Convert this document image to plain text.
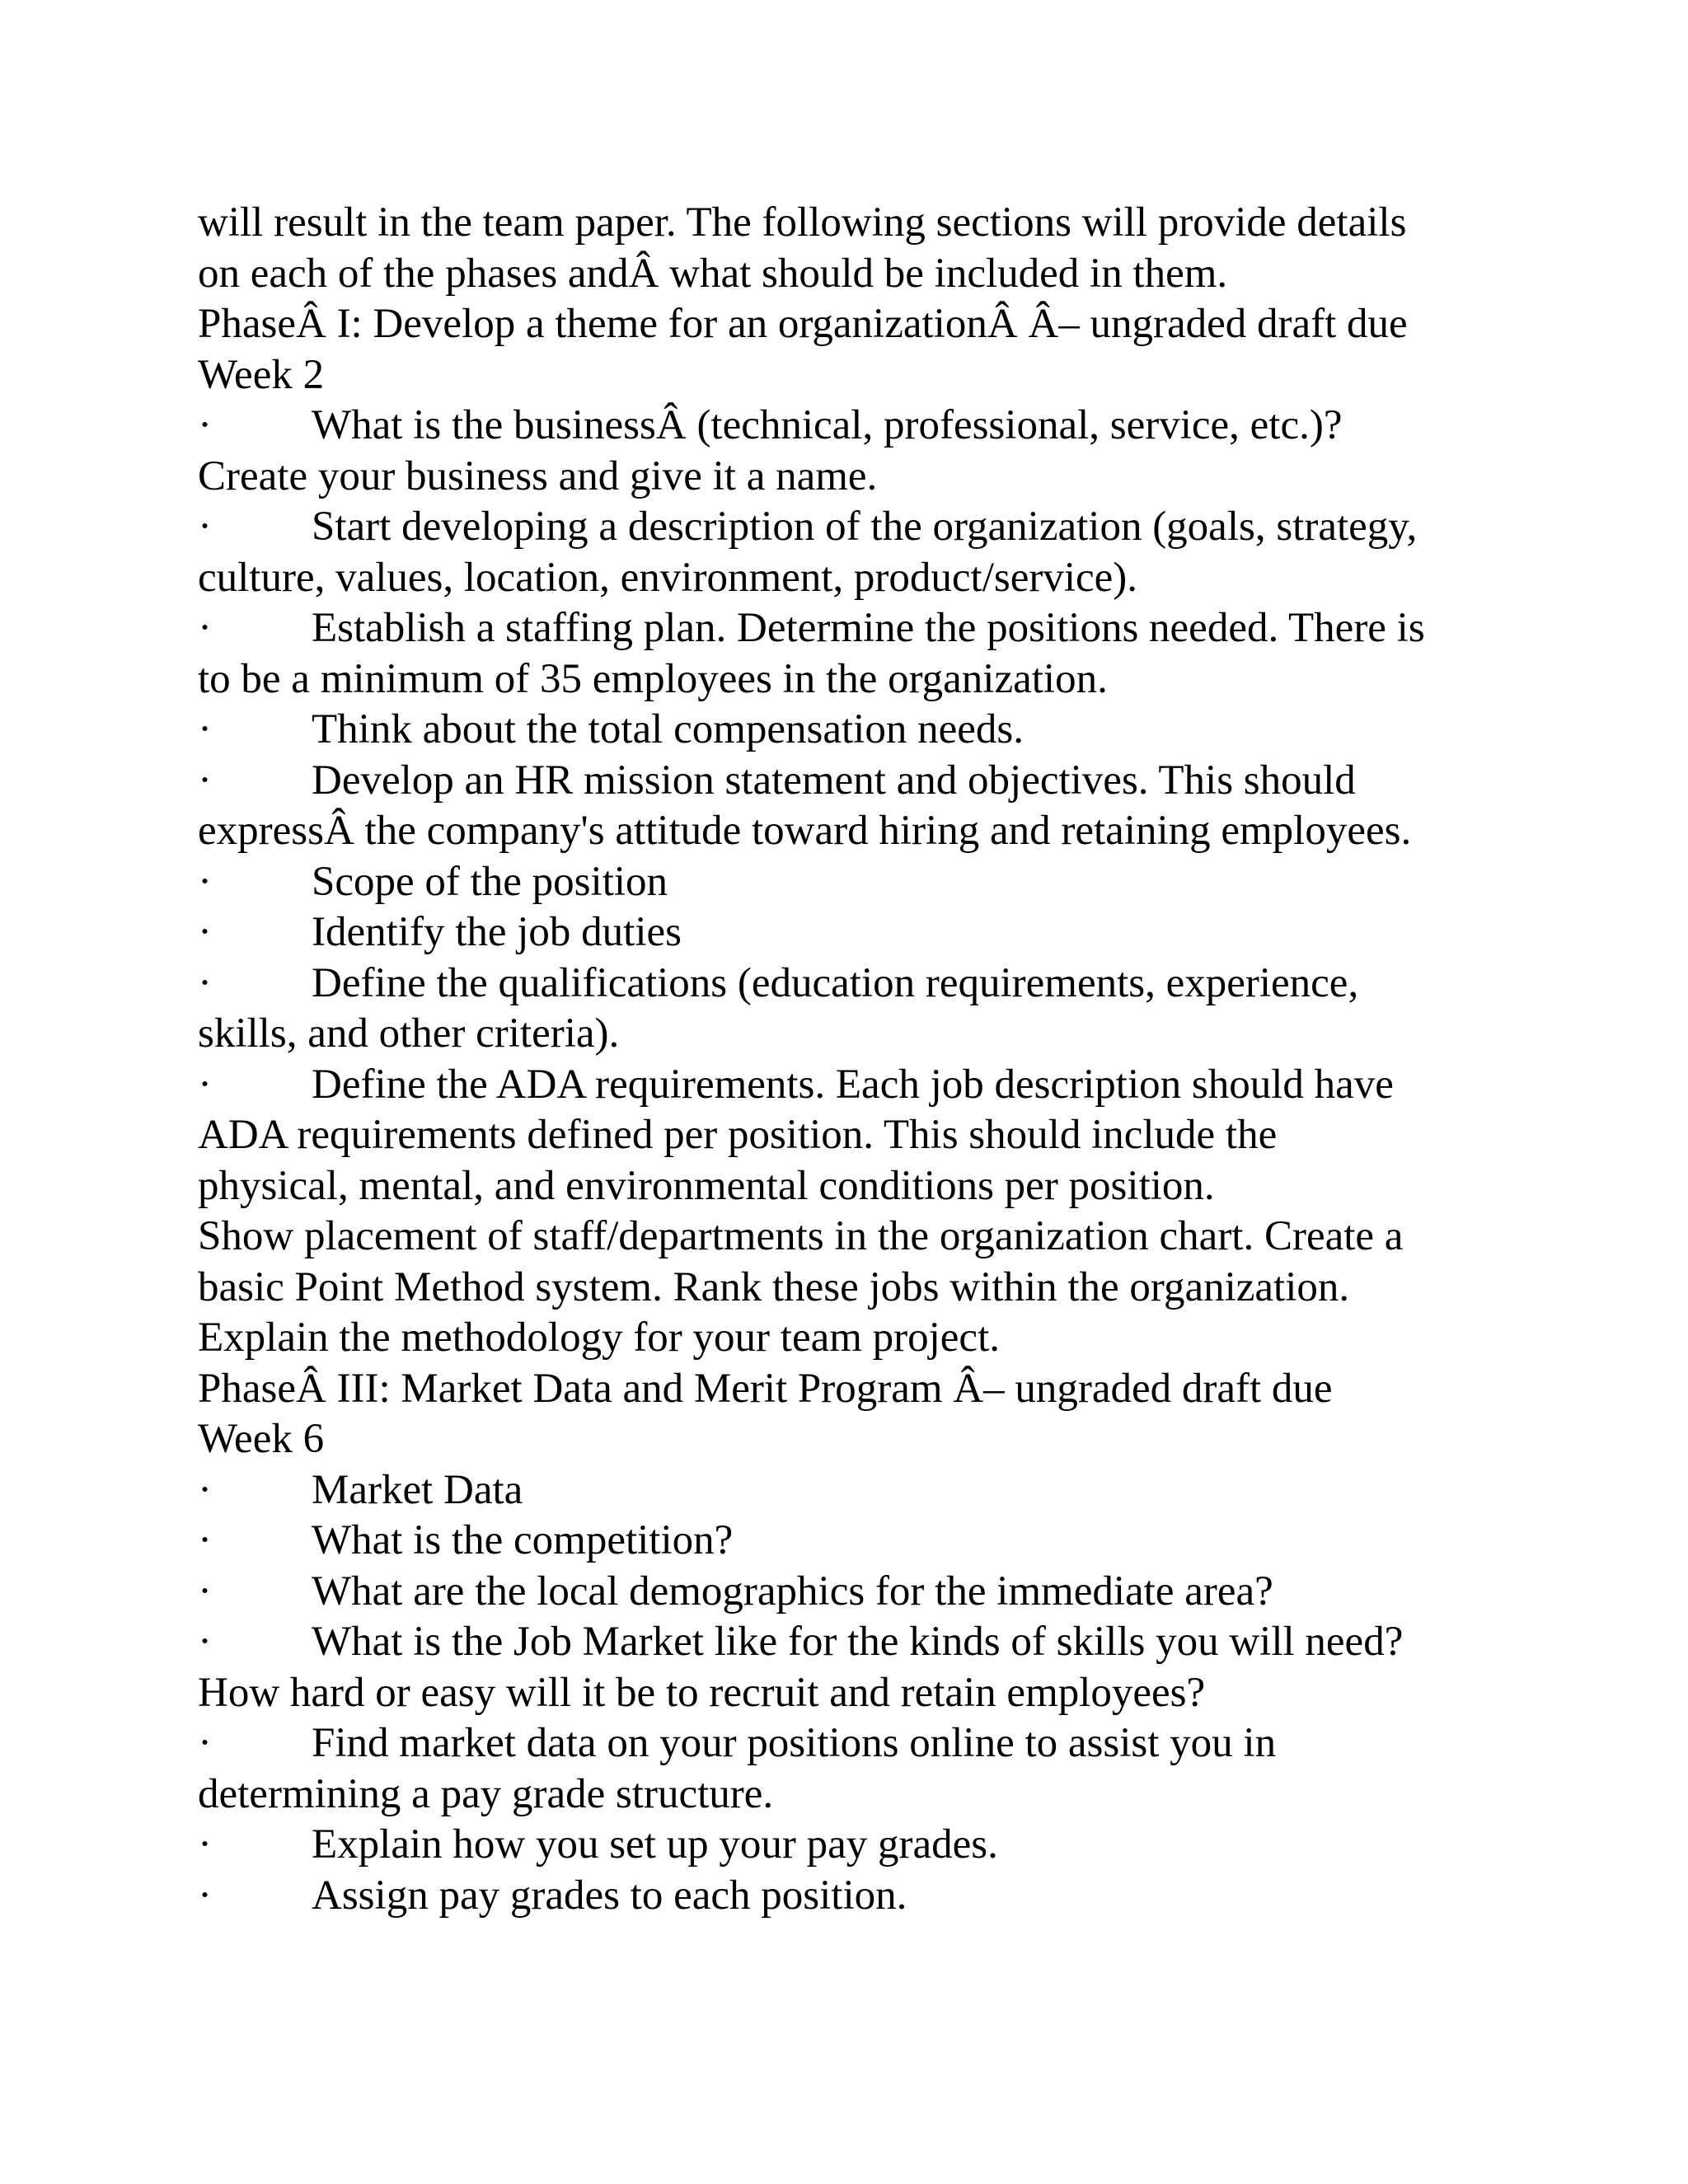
will result in the team paper. The following sections will provide details
on each of the phases andÂ what should be included in them.
PhaseÂ I: Develop a theme for an organizationÂ Â– ungraded draft due
Week 2
· What is the businessÂ (technical, professional, service, etc.)?
Create your business and give it a name.
· Start developing a description of the organization (goals, strategy,
culture, values, location, environment, product/service).
· Establish a staffing plan. Determine the positions needed. There is
to be a minimum of 35 employees in the organization.
· Think about the total compensation needs.
· Develop an HR mission statement and objectives. This should
expressÂ the company's attitude toward hiring and retaining employees.
· Scope of the position
· Identify the job duties
· Define the qualifications (education requirements, experience,
skills, and other criteria).
· Define the ADA requirements. Each job description should have
ADA requirements defined per position. This should include the
physical, mental, and environmental conditions per position.
Show placement of staff/departments in the organization chart. Create a
basic Point Method system. Rank these jobs within the organization.
Explain the methodology for your team project.
PhaseÂ III: Market Data and Merit Program Â– ungraded draft due
Week 6
· Market Data
· What is the competition?
· What are the local demographics for the immediate area?
· What is the Job Market like for the kinds of skills you will need?
How hard or easy will it be to recruit and retain employees?
· Find market data on your positions online to assist you in
determining a pay grade structure.
· Explain how you set up your pay grades.
· Assign pay grades to each position.
